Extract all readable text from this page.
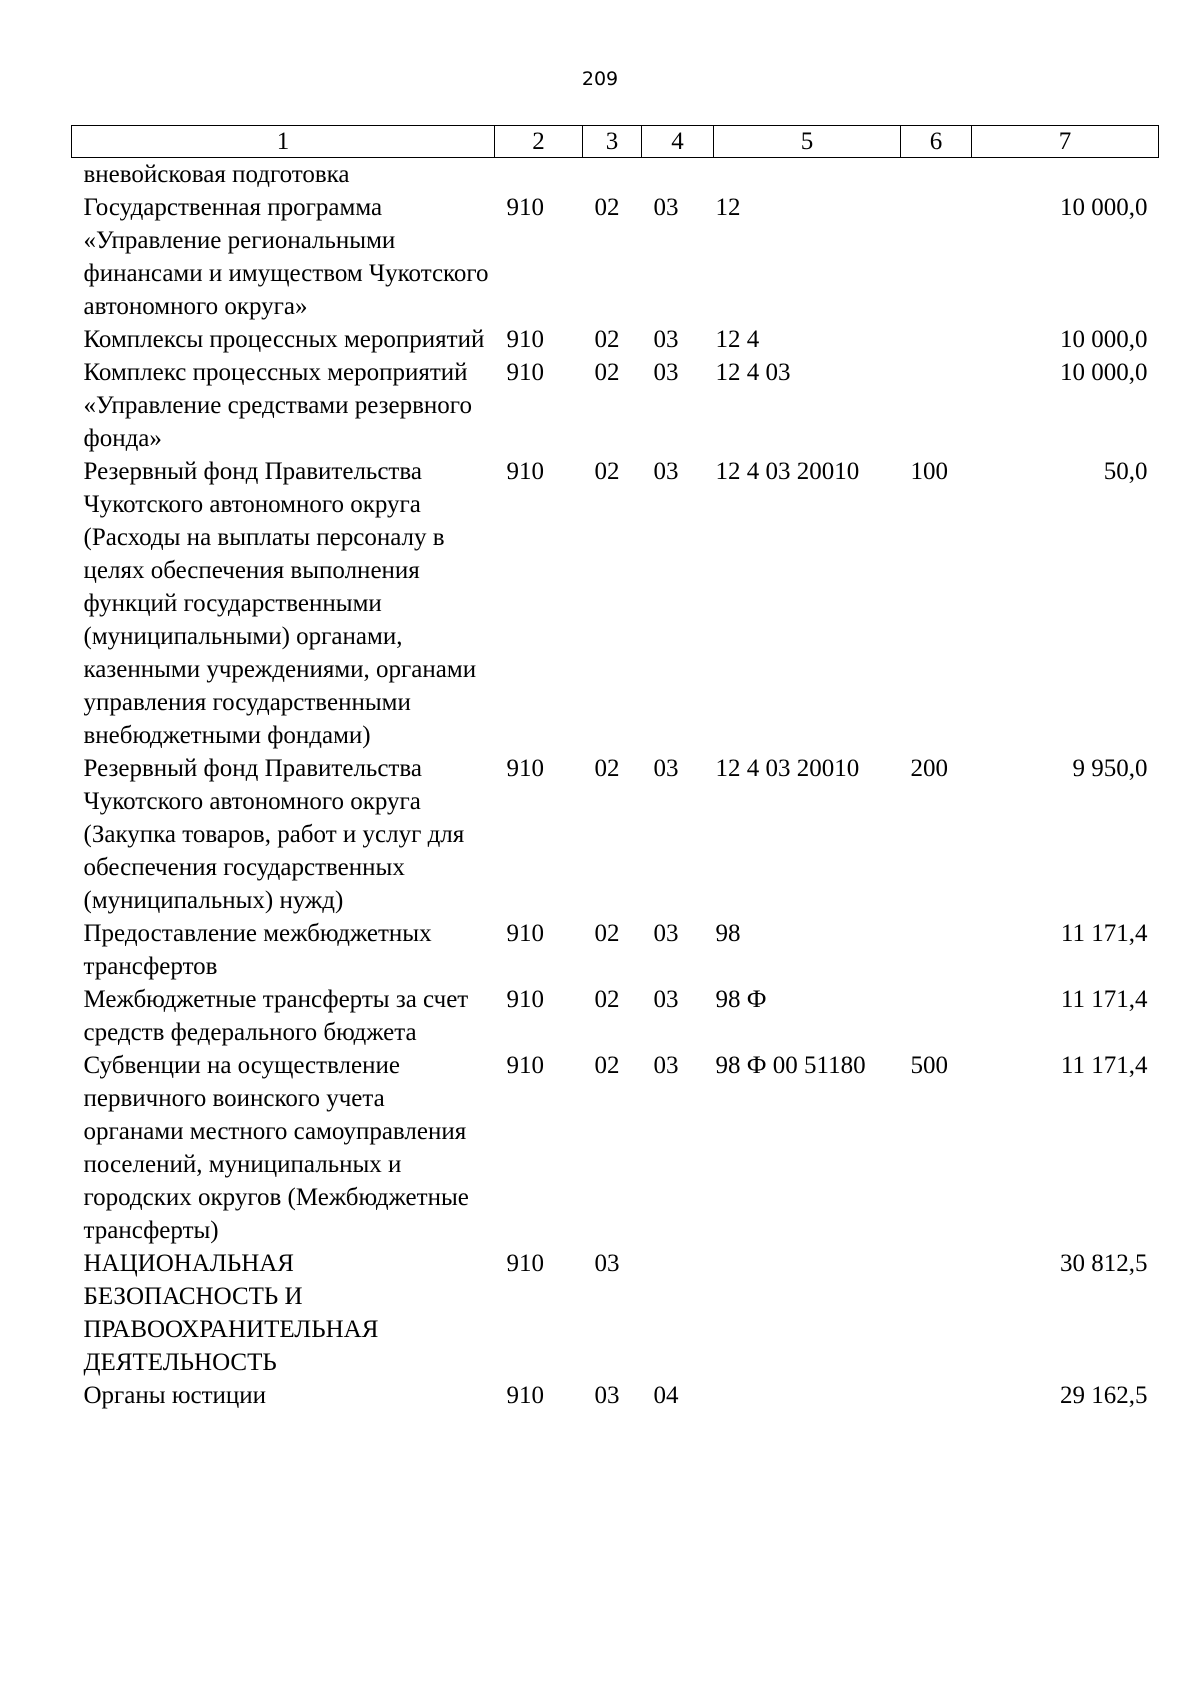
209
1	2	3	4	5	6	7
вневойсковая подготовка						
Государственная программа «Управление региональными финансами и имуществом Чукотского автономного округа»	910	02	03	12		10 000,0
Комплексы процессных мероприятий	910	02	03	12 4		10 000,0
Комплекс процессных мероприятий «Управление средствами резервного фонда»	910	02	03	12 4 03		10 000,0
Резервный фонд Правительства Чукотского автономного округа (Расходы на выплаты персоналу в целях обеспечения выполнения функций государственными (муниципальными) органами, казенными учреждениями, органами управления государственными внебюджетными фондами)	910	02	03	12 4 03 20010	100	50,0
Резервный фонд Правительства Чукотского автономного округа (Закупка товаров, работ и услуг для обеспечения государственных (муниципальных) нужд)	910	02	03	12 4 03 20010	200	9 950,0
Предоставление межбюджетных трансфертов	910	02	03	98		11 171,4
Межбюджетные трансферты за счет средств федерального бюджета	910	02	03	98 Ф		11 171,4
Субвенции на осуществление первичного воинского учета органами местного самоуправления поселений, муниципальных и городских округов (Межбюджетные трансферты)	910	02	03	98 Ф 00 51180	500	11 171,4
НАЦИОНАЛЬНАЯ БЕЗОПАСНОСТЬ И ПРАВООХРАНИТЕЛЬНАЯ ДЕЯТЕЛЬНОСТЬ	910	03				30 812,5
Органы юстиции	910	03	04			29 162,5
